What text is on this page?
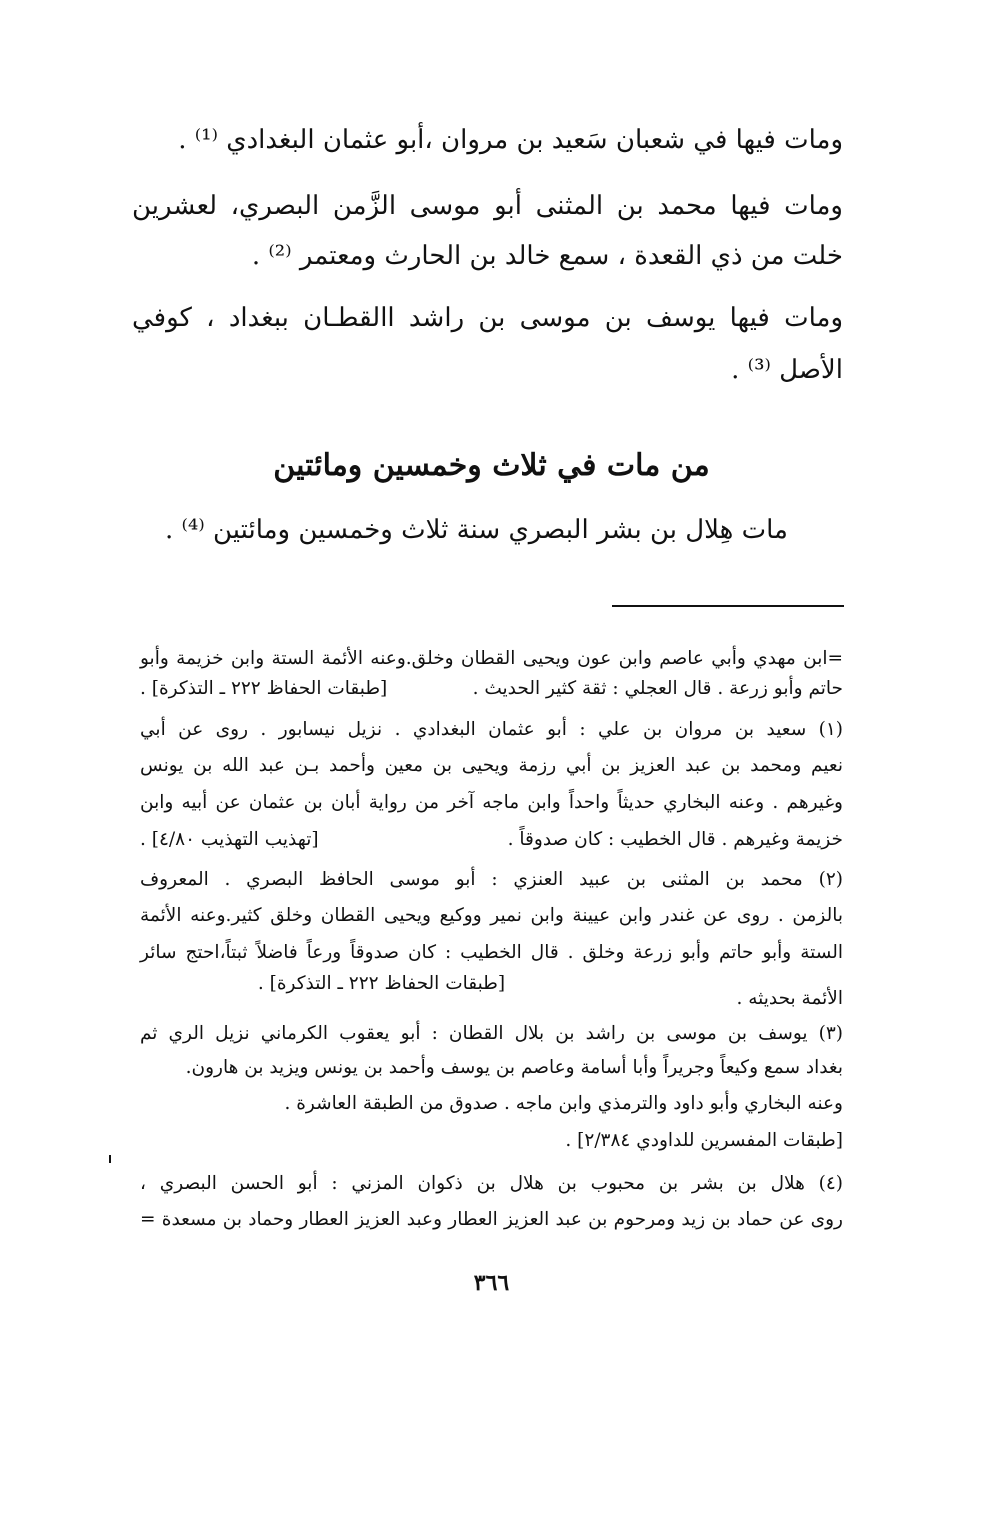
ومات فيها في شعبان سَعيد بن مروان ،أبو عثمان البغدادي ⁽¹⁾ .
ومات فيها محمد بن المثنى أبو موسى الزَّمن البصري، لعشرين
خلت من ذي القعدة ، سمع خالد بن الحارث ومعتمر ⁽²⁾ .
ومات فيها يوسف بن موسى بن راشد االقطـان ببغداد ، كوفي
الأصل ⁽³⁾ .
من مات في ثلاث وخمسين ومائتين
مات هِلال بن بشر البصري سنة ثلاث وخمسين ومائتين ⁽⁴⁾ .
=ابن مهدي وأبي عاصم وابن عون ويحيى القطان وخلق.وعنه الأئمة الستة وابن خزيمة وأبو
حاتم وأبو زرعة . قال العجلي : ثقة كثير الحديث .
[طبقات الحفاظ ٢٢٢ ـ التذكرة] .
(١) سعيد بن مروان بن علي : أبو عثمان البغدادي . نزيل نيسابور . روى عن أبي
نعيم ومحمد بن عبد العزيز بن أبي رزمة ويحيى بن معين وأحمد بـن عبد الله بن يونس
وغيرهم . وعنه البخاري حديثاً واحداً وابن ماجه آخر من رواية أبان بن عثمان عن أبيه وابن
خزيمة وغيرهم . قال الخطيب : كان صدوقاً .
[تهذيب التهذيب ٤/٨٠] .
(٢) محمد بن المثنى بن عبيد العنزي : أبو موسى الحافظ البصري . المعروف
بالزمن . روى عن غندر وابن عيينة وابن نمير ووكيع ويحيى القطان وخلق كثير.وعنه الأئمة
الستة وأبو حاتم وأبو زرعة وخلق . قال الخطيب : كان صدوقاً ورعاً فاضلاً ثبتاً،احتج سائر
الأئمة بحديثه .
[طبقات الحفاظ ٢٢٢ ـ التذكرة] .
(٣) يوسف بن موسى بن راشد بن بلال القطان : أبو يعقوب الكرماني نزيل الري ثم
بغداد سمع وكيعاً وجريراً وأبا أسامة وعاصم بن يوسف وأحمد بن يونس ويزيد بن هارون.
وعنه البخاري وأبو داود والترمذي وابن ماجه . صدوق من الطبقة العاشرة .
[طبقات المفسرين للداودي ٢/٣٨٤] .
(٤) هلال بن بشر بن محبوب بن هلال بن ذكوان المزني : أبو الحسن البصري ،
روى عن حماد بن زيد ومرحوم بن عبد العزيز العطار وعبد العزيز العطار وحماد بن مسعدة =
٣٦٦
